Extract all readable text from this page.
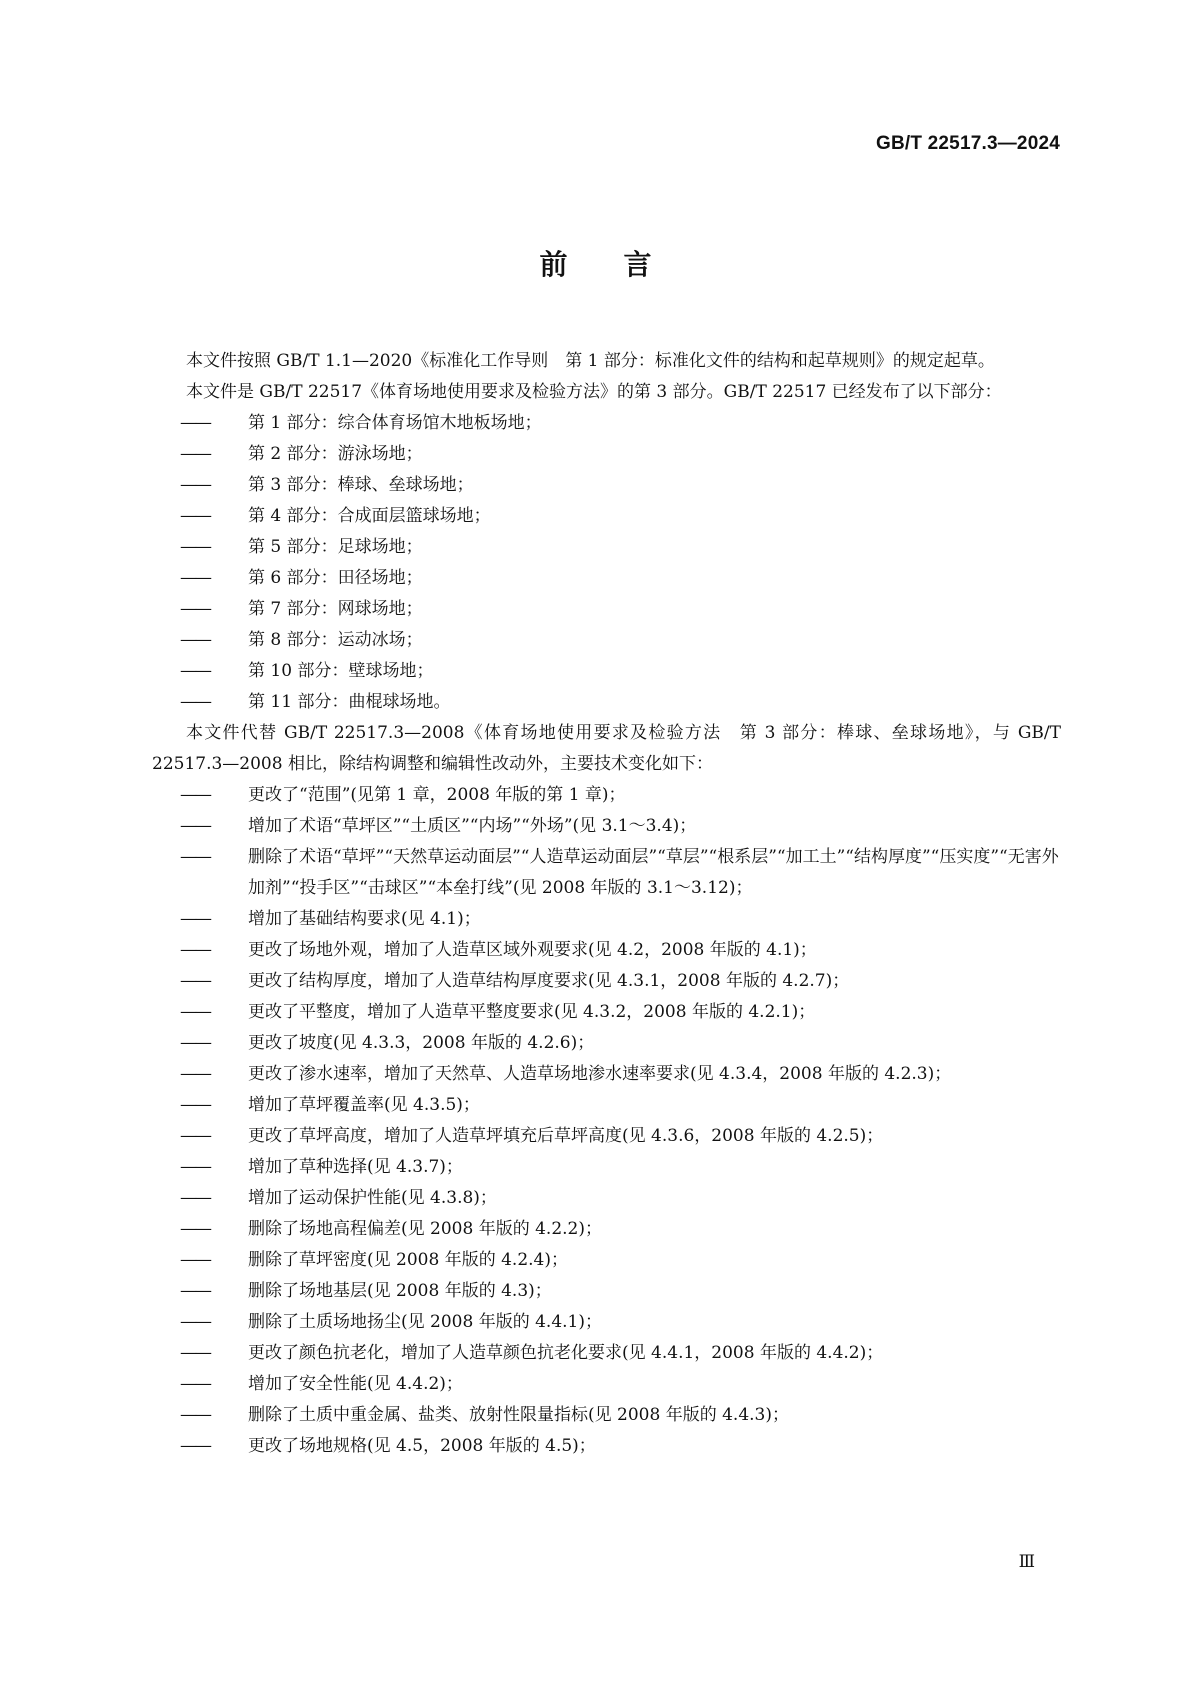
GB/T 22517.3—2024
前言

本文件按照 GB/T 1.1—2020《标准化工作导则　第 1 部分：标准化文件的结构和起草规则》的规定起草。

本文件是 GB/T 22517《体育场地使用要求及检验方法》的第 3 部分。GB/T 22517 已经发布了以下部分：

—— 第 1 部分：综合体育场馆木地板场地；
—— 第 2 部分：游泳场地；
—— 第 3 部分：棒球、垒球场地；
—— 第 4 部分：合成面层篮球场地；
—— 第 5 部分：足球场地；
—— 第 6 部分：田径场地；
—— 第 7 部分：网球场地；
—— 第 8 部分：运动冰场；
—— 第 10 部分：壁球场地；
—— 第 11 部分：曲棍球场地。

本文件代替 GB/T 22517.3—2008《体育场地使用要求及检验方法　第 3 部分：棒球、垒球场地》，与 GB/T 22517.3—2008 相比，除结构调整和编辑性改动外，主要技术变化如下：

—— 更改了“范围”(见第 1 章，2008 年版的第 1 章)；
—— 增加了术语“草坪区”“土质区”“内场”“外场”(见 3.1～3.4)；
—— 删除了术语“草坪”“天然草运动面层”“人造草运动面层”“草层”“根系层”“加工土”“结构厚度”“压实度”“无害外加剂”“投手区”“击球区”“本垒打线”(见 2008 年版的 3.1～3.12)；
—— 增加了基础结构要求(见 4.1)；
—— 更改了场地外观，增加了人造草区域外观要求(见 4.2，2008 年版的 4.1)；
—— 更改了结构厚度，增加了人造草结构厚度要求(见 4.3.1，2008 年版的 4.2.7)；
—— 更改了平整度，增加了人造草平整度要求(见 4.3.2，2008 年版的 4.2.1)；
—— 更改了坡度(见 4.3.3，2008 年版的 4.2.6)；
—— 更改了渗水速率，增加了天然草、人造草场地渗水速率要求(见 4.3.4，2008 年版的 4.2.3)；
—— 增加了草坪覆盖率(见 4.3.5)；
—— 更改了草坪高度，增加了人造草坪填充后草坪高度(见 4.3.6，2008 年版的 4.2.5)；
—— 增加了草种选择(见 4.3.7)；
—— 增加了运动保护性能(见 4.3.8)；
—— 删除了场地高程偏差(见 2008 年版的 4.2.2)；
—— 删除了草坪密度(见 2008 年版的 4.2.4)；
—— 删除了场地基层(见 2008 年版的 4.3)；
—— 删除了土质场地扬尘(见 2008 年版的 4.4.1)；
—— 更改了颜色抗老化，增加了人造草颜色抗老化要求(见 4.4.1，2008 年版的 4.4.2)；
—— 增加了安全性能(见 4.4.2)；
—— 删除了土质中重金属、盐类、放射性限量指标(见 2008 年版的 4.4.3)；
—— 更改了场地规格(见 4.5，2008 年版的 4.5)；
Ⅲ
